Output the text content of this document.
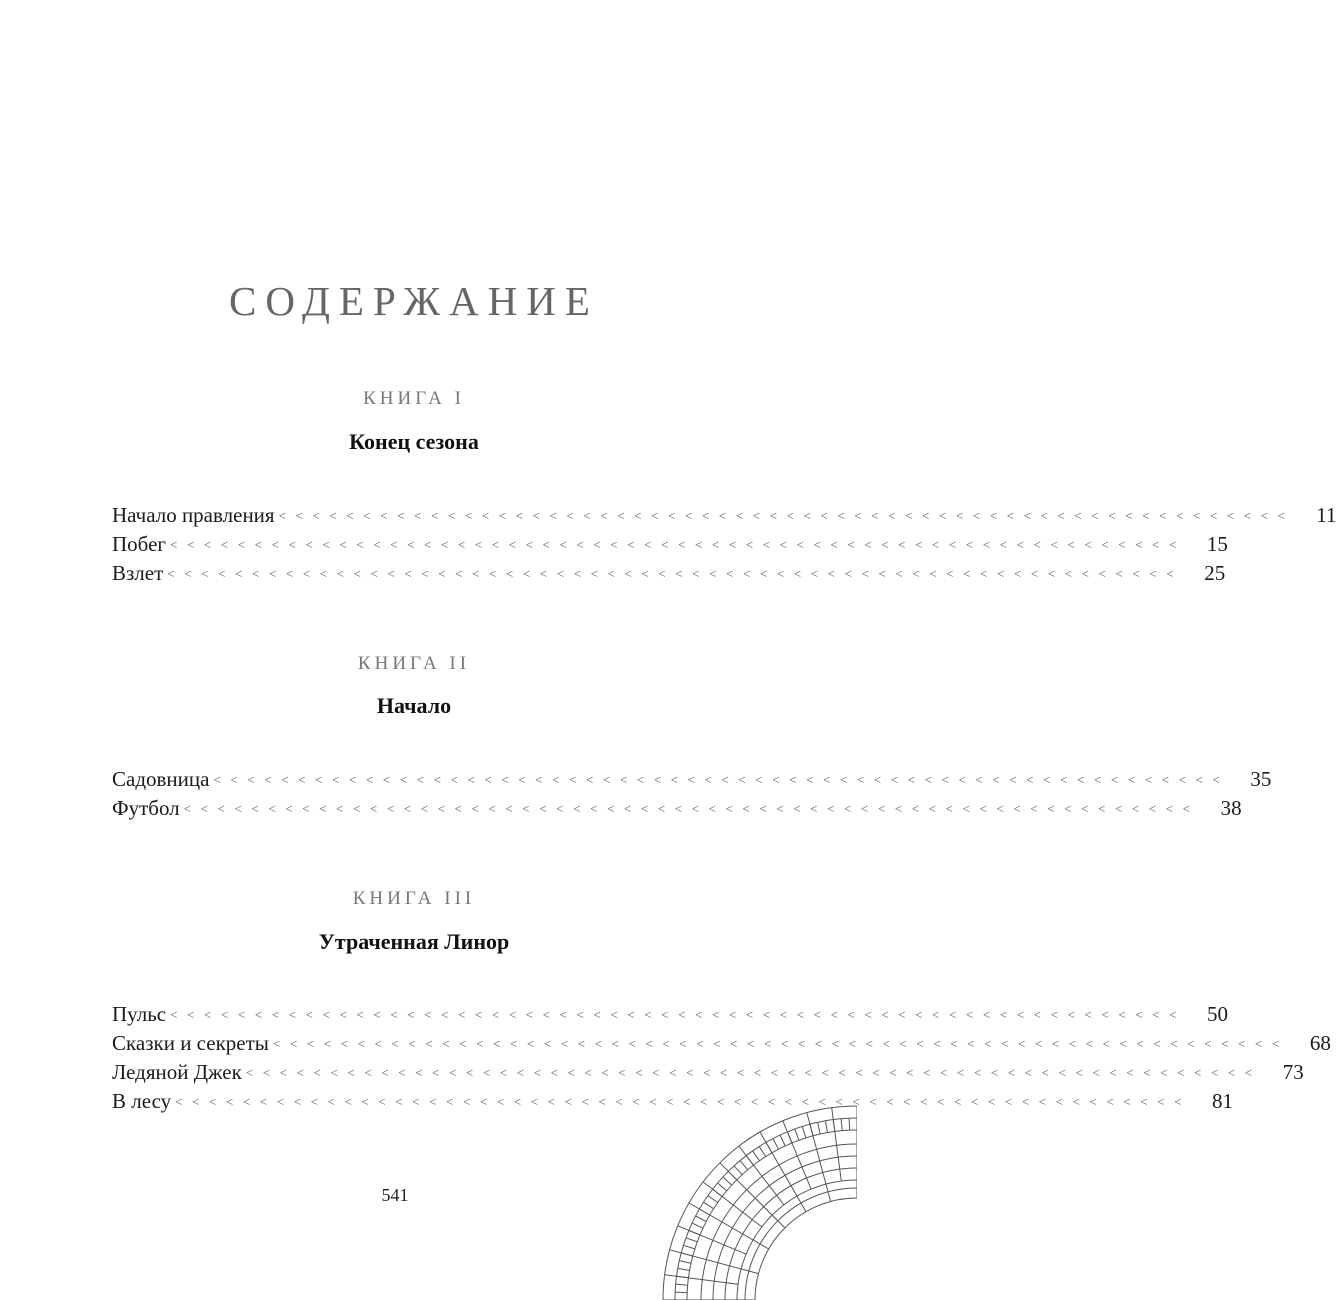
СОДЕРЖАНИЕ
КНИГА I
Конец сезона
Начало правления >>>>>>>>>>>>>>>>>>>>>>>>>>>>>>>>>>>>>>>>>>>>>>>>>>>>>>>>>>>>	11
Побег >>>>>>>>>>>>>>>>>>>>>>>>>>>>>>>>>>>>>>>>>>>>>>>>>>>>>>>>>>>>	15
Взлет >>>>>>>>>>>>>>>>>>>>>>>>>>>>>>>>>>>>>>>>>>>>>>>>>>>>>>>>>>>>	25
КНИГА II
Начало
Садовница >>>>>>>>>>>>>>>>>>>>>>>>>>>>>>>>>>>>>>>>>>>>>>>>>>>>>>>>>>>>	35
Футбол >>>>>>>>>>>>>>>>>>>>>>>>>>>>>>>>>>>>>>>>>>>>>>>>>>>>>>>>>>>>	38
КНИГА III
Утраченная Линор
Пульс >>>>>>>>>>>>>>>>>>>>>>>>>>>>>>>>>>>>>>>>>>>>>>>>>>>>>>>>>>>>	50
Сказки и секреты >>>>>>>>>>>>>>>>>>>>>>>>>>>>>>>>>>>>>>>>>>>>>>>>>>>>>>>>>>>>	68
Ледяной Джек >>>>>>>>>>>>>>>>>>>>>>>>>>>>>>>>>>>>>>>>>>>>>>>>>>>>>>>>>>>>	73
В лесу >>>>>>>>>>>>>>>>>>>>>>>>>>>>>>>>>>>>>>>>>>>>>>>>>>>>>>>>>>>>	81
541
